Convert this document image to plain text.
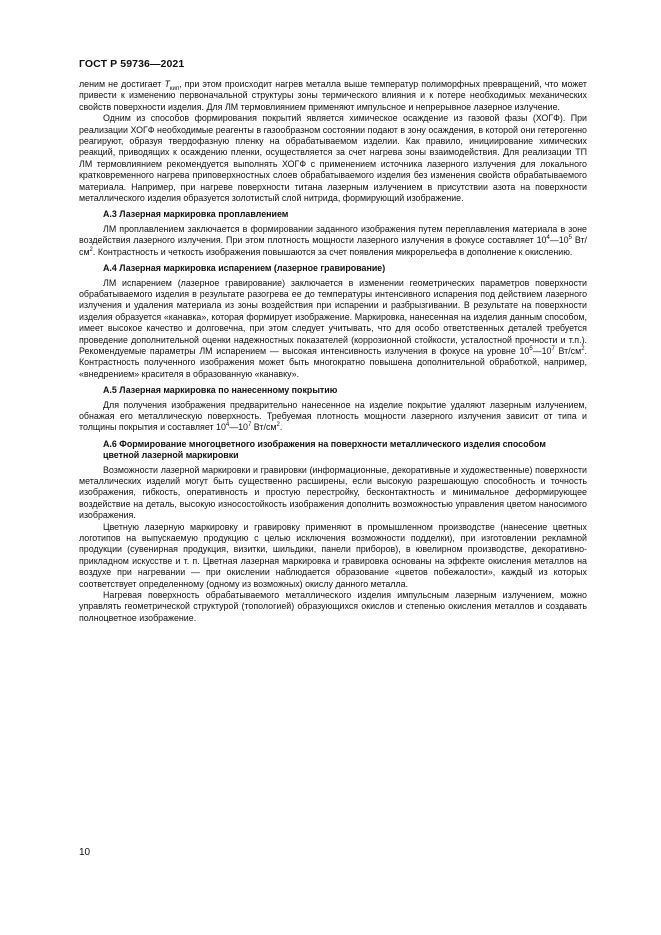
ГОСТ Р 59736—2021

леним не достигает $T_{кип}$, при этом происходит нагрев металла выше температур полиморфных превращений, что может привести к изменению первоначальной структуры зоны термического влияния и к потере необходимых механических свойств поверхности изделия. Для ЛМ термовлиянием применяют импульсное и непрерывное лазерное излучение.

Одним из способов формирования покрытий является химическое осаждение из газовой фазы (ХОГФ). При реализации ХОГФ необходимые реагенты в газообразном состоянии подают в зону осаждения, в которой они гетерогенно реагируют, образуя твердофазную пленку на обрабатываемом изделии. Как правило, инициирование химических реакций, приводящих к осаждению пленки, осуществляется за счет нагрева зоны взаимодействия. Для реализации ТП ЛМ термовлиянием рекомендуется выполнять ХОГФ с применением источника лазерного излучения для локального кратковременного нагрева приповерхностных слоев обрабатываемого изделия без изменения свойств обрабатываемого материала. Например, при нагреве поверхности титана лазерным излучением в присутствии азота на поверхности металлического изделия образуется золотистый слой нитрида, формирующий изображение.

А.3 Лазерная маркировка проплавлением

ЛМ проплавлением заключается в формировании заданного изображения путем переплавления материала в зоне воздействия лазерного излучения. При этом плотность мощности лазерного излучения в фокусе составляет $10^4—10^5$ $Вт/см^2$. Контрастность и четкость изображения повышаются за счет появления микрорельефа в дополнение к окислению.

А.4 Лазерная маркировка испарением (лазерное гравирование)

ЛМ испарением (лазерное гравирование) заключается в изменении геометрических параметров поверхности обрабатываемого изделия в результате разогрева ее до температуры интенсивного испарения под действием лазерного излучения и удаления материала из зоны воздействия при испарении и разбрызгивании. В результате на поверхности изделия образуется «канавка», которая формирует изображение. Маркировка, нанесенная на изделия данным способом, имеет высокое качество и долговечна, при этом следует учитывать, что для особо ответственных деталей требуется проведение дополнительной оценки надежностных показателей (коррозионной стойкости, усталостной прочности и т.п.). Рекомендуемые параметры ЛМ испарением — высокая интенсивность излучения в фокусе на уровне $10^5—10^7$ $Вт/см^2$. Контрастность полученного изображения может быть многократно повышена дополнительной обработкой, например, «внедрением» красителя в образованную «канавку».

А.5 Лазерная маркировка по нанесенному покрытию

Для получения изображения предварительно нанесенное на изделие покрытие удаляют лазерным излучением, обнажая его металлическую поверхность. Требуемая плотность мощности лазерного излучения зависит от типа и толщины покрытия и составляет $10^4—10^7$ $Вт/см^2$.

А.6 Формирование многоцветного изображения на поверхности металлического изделия способом
цветной лазерной маркировки

Возможности лазерной маркировки и гравировки (информационные, декоративные и художественные) поверхности металлических изделий могут быть существенно расширены, если высокую разрешающую способность и точность изображения, гибкость, оперативность и простую перестройку, бесконтактность и минимальное деформирующее воздействие на деталь, высокую износостойкость изображения дополнить возможностью управления цветом наносимого изображения.

Цветную лазерную маркировку и гравировку применяют в промышленном производстве (нанесение цветных логотипов на выпускаемую продукцию с целью исключения возможности подделки), при изготовлении рекламной продукции (сувенирная продукция, визитки, шильдики, панели приборов), в ювелирном производстве, декоративно-прикладном искусстве и т. п. Цветная лазерная маркировка и гравировка основаны на эффекте окисления металлов на воздухе при нагревании — при окислении наблюдается образование «цветов побежалости», каждый из которых соответствует определенному (одному из возможных) окислу данного металла.

Нагревая поверхность обрабатываемого металлического изделия импульсным лазерным излучением, можно управлять геометрической структурой (топологией) образующихся окислов и степенью окисления металлов и создавать полноцветное изображение.

10
